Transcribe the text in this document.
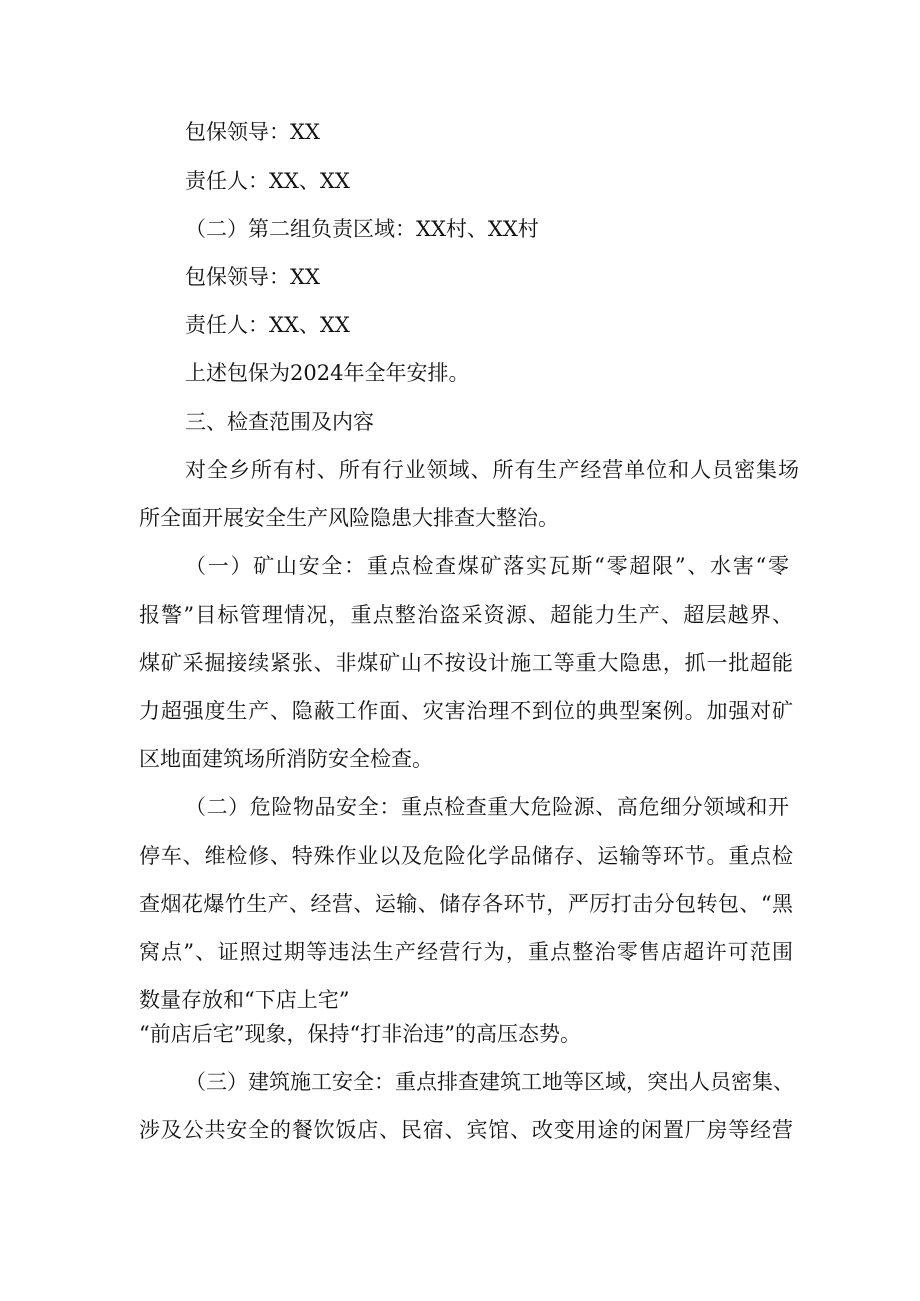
包保领导：XX
责任人：XX、XX
（二）第二组负责区域：XX村、XX村
包保领导：XX
责任人：XX、XX
上述包保为2024年全年安排。
三、检查范围及内容
对全乡所有村、所有行业领域、所有生产经营单位和人员密集场
所全面开展安全生产风险隐患大排查大整治。
（一）矿山安全：重点检查煤矿落实瓦斯“零超限”、水害“零
报警”目标管理情况，重点整治盗采资源、超能力生产、超层越界、
煤矿采掘接续紧张、非煤矿山不按设计施工等重大隐患，抓一批超能
力超强度生产、隐蔽工作面、灾害治理不到位的典型案例。加强对矿
区地面建筑场所消防安全检查。
（二）危险物品安全：重点检查重大危险源、高危细分领域和开
停车、维检修、特殊作业以及危险化学品储存、运输等环节。重点检
查烟花爆竹生产、经营、运输、储存各环节，严厉打击分包转包、“黑
窝点”、证照过期等违法生产经营行为，重点整治零售店超许可范围
数量存放和“下店上宅”
“前店后宅”现象，保持“打非治违”的高压态势。
（三）建筑施工安全：重点排查建筑工地等区域，突出人员密集、
涉及公共安全的餐饮饭店、民宿、宾馆、改变用途的闲置厂房等经营
